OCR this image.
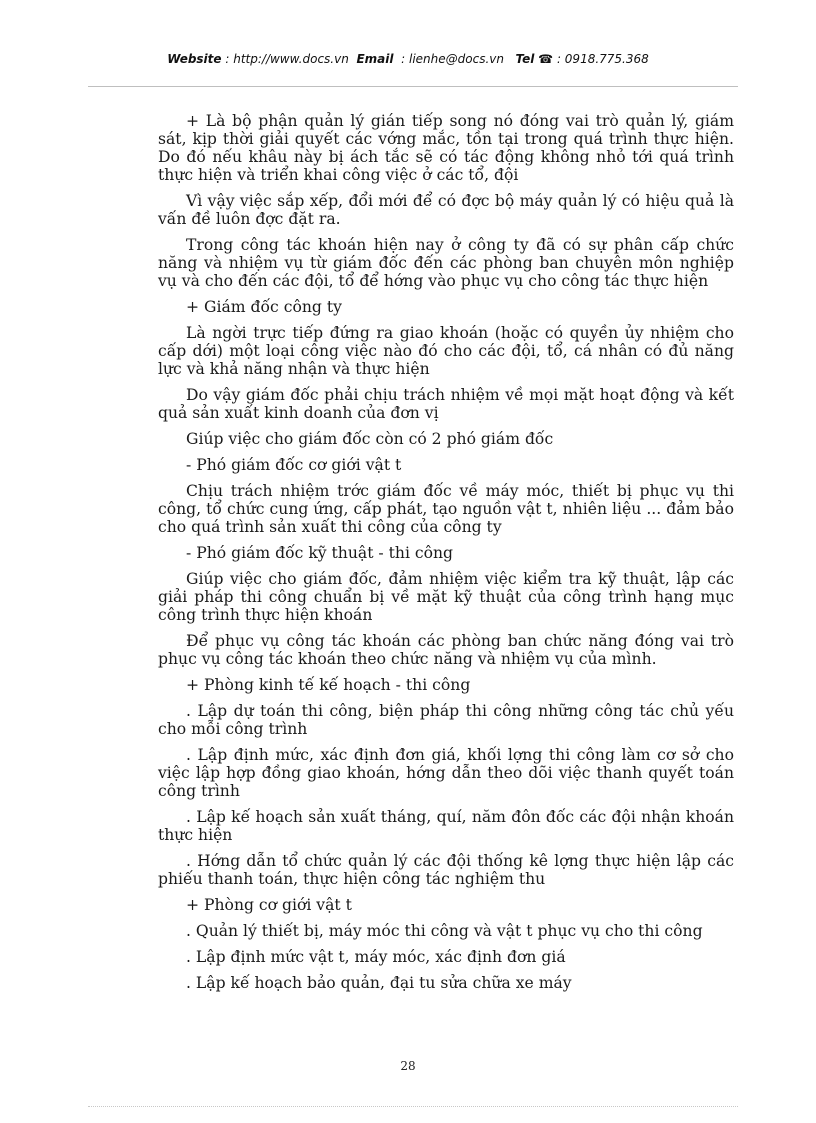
Website : http://www.docs.vn Email : lienhe@docs.vn Tel ☎ : 0918.775.368

+ Là bộ phận quản lý gián tiếp song nó đóng vai trò quản lý, giám sát, kịp thời giải quyết các vớng mắc, tồn tại trong quá trình thực hiện. Do đó nếu khâu này bị ách tắc sẽ có tác động không nhỏ tới quá trình thực hiện và triển khai công việc ở các tổ, đội

Vì vậy việc sắp xếp, đổi mới để có đợc bộ máy quản lý có hiệu quả là vấn đề luôn đợc đặt ra.

Trong công tác khoán hiện nay ở công ty đã có sự phân cấp chức năng và nhiệm vụ từ giám đốc đến các phòng ban chuyên môn nghiệp vụ và cho đến các đội, tổ để hớng vào phục vụ cho công tác thực hiện

+ Giám đốc công ty

Là ngời trực tiếp đứng ra giao khoán (hoặc có quyền ủy nhiệm cho cấp dới) một loại công việc nào đó cho các đội, tổ, cá nhân có đủ năng lực và khả năng nhận và thực hiện

Do vậy giám đốc phải chịu trách nhiệm về mọi mặt hoạt động và kết quả sản xuất kinh doanh của đơn vị

Giúp việc cho giám đốc còn có 2 phó giám đốc

- Phó giám đốc cơ giới vật t

Chịu trách nhiệm trớc giám đốc về máy móc, thiết bị phục vụ thi công, tổ chức cung ứng, cấp phát, tạo nguồn vật t, nhiên liệu ... đảm bảo cho quá trình sản xuất thi công của công ty

- Phó giám đốc kỹ thuật - thi công

Giúp việc cho giám đốc, đảm nhiệm việc kiểm tra kỹ thuật, lập các giải pháp thi công chuẩn bị về mặt kỹ thuật của công trình hạng mục công trình thực hiện khoán

Để phục vụ công tác khoán các phòng ban chức năng đóng vai trò phục vụ công tác khoán theo chức năng và nhiệm vụ của mình.

+ Phòng kinh tế kế hoạch - thi công

. Lập dự toán thi công, biện pháp thi công những công tác chủ yếu cho mỗi công trình

. Lập định mức, xác định đơn giá, khối lợng thi công làm cơ sở cho việc lập hợp đồng giao khoán, hớng dẫn theo dõi việc thanh quyết toán công trình

. Lập kế hoạch sản xuất tháng, quí, năm đôn đốc các đội nhận khoán thực hiện

. Hớng dẫn tổ chức quản lý các đội thống kê lợng thực hiện lập các phiếu thanh toán, thực hiện công tác nghiệm thu

+ Phòng cơ giới vật t

. Quản lý thiết bị, máy móc thi công và vật t phục vụ cho thi công

. Lập định mức vật t, máy móc, xác định đơn giá

. Lập kế hoạch bảo quản, đại tu sửa chữa xe máy

28
